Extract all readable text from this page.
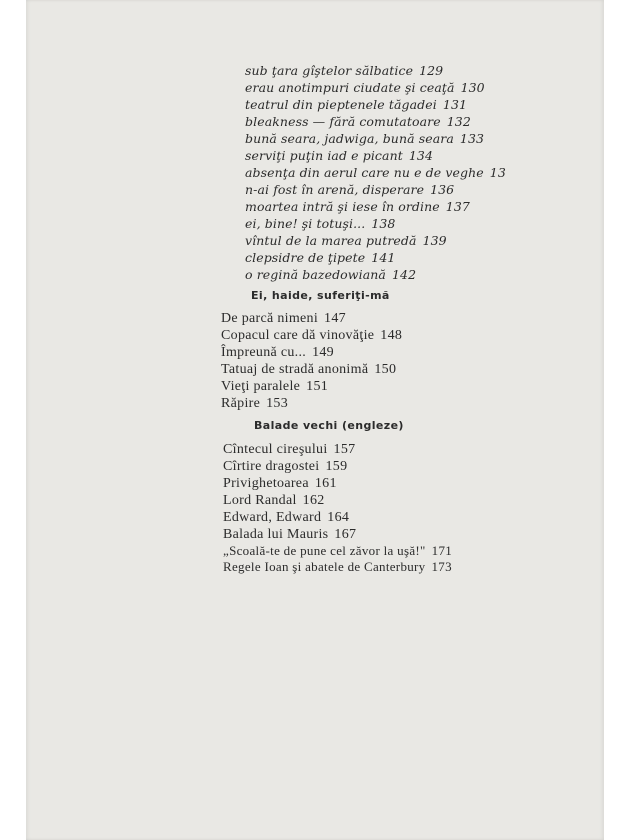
sub ţara gîştelor sălbatice 129
erau anotimpuri ciudate şi ceaţă 130
teatrul din pieptenele tăgadei 131
bleakness — fără comutatoare 132
bună seara, jadwiga, bună seara 133
serviţi puţin iad e picant 134
absenţa din aerul care nu e de veghe 13
n-ai fost în arenă, disperare 136
moartea intră şi iese în ordine 137
ei, bine! şi totuşi... 138
vîntul de la marea putredă 139
clepsidre de ţipete 141
o regină bazedowiană 142
Ei, haide, suferiţi-mă
De parcă nimeni 147
Copacul care dă vinovăţie 148
Împreună cu... 149
Tatuaj de stradă anonimă 150
Vieţi paralele 151
Răpire 153
Balade vechi (engleze)
Cîntecul cireşului 157
Cîrtire dragostei 159
Privighetoarea 161
Lord Randal 162
Edward, Edward 164
Balada lui Mauris 167
„Scoală-te de pune cel zăvor la uşă!" 171
Regele Ioan şi abatele de Canterbury 173
